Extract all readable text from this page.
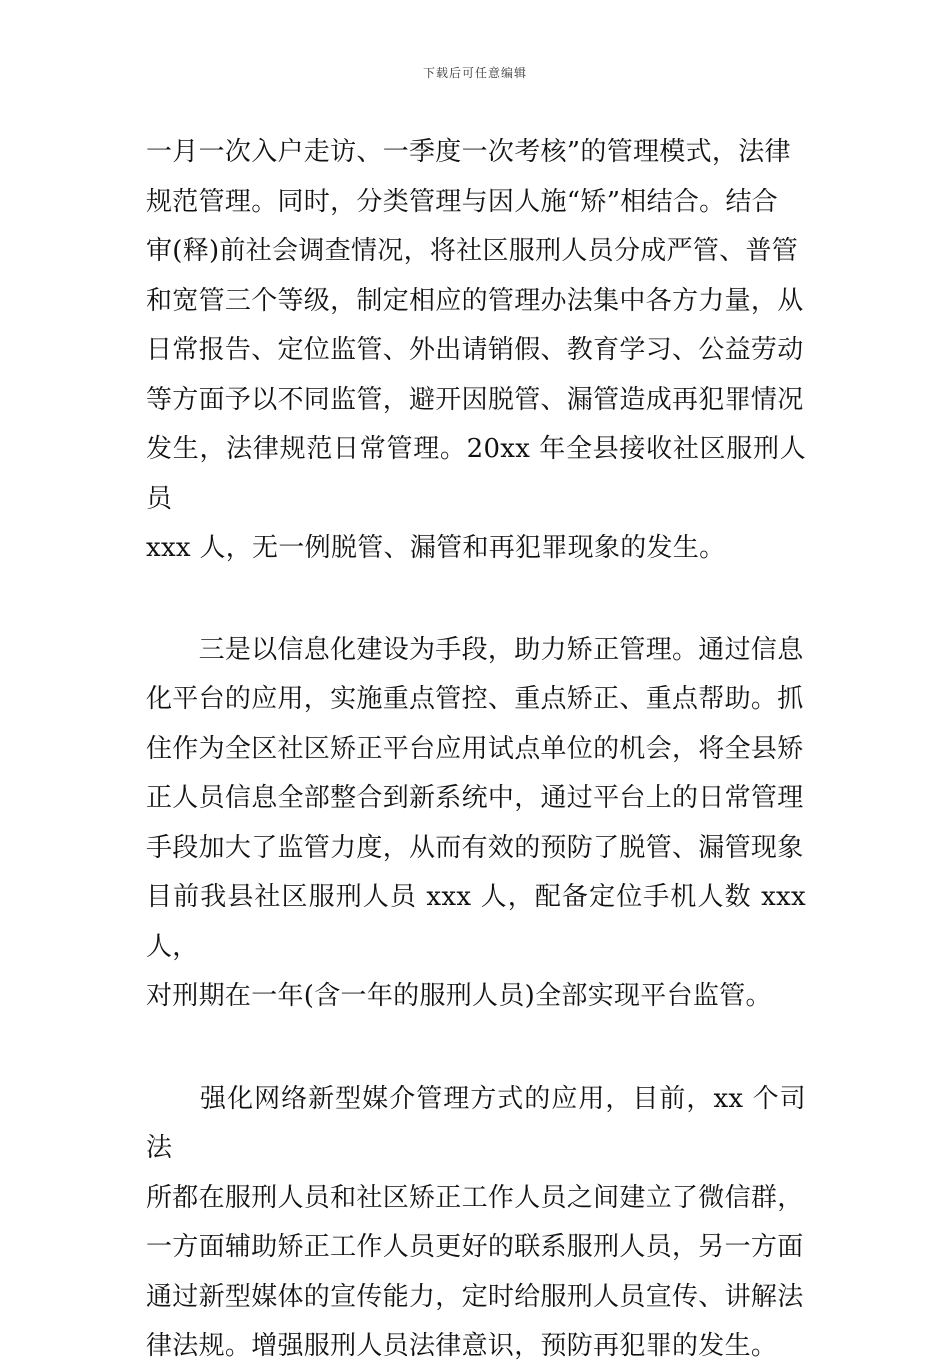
下载后可任意编辑

一月一次入户走访、一季度一次考核”的管理模式，法律
规范管理。同时，分类管理与因人施“矫”相结合。结合
审(释)前社会调查情况，将社区服刑人员分成严管、普管
和宽管三个等级，制定相应的管理办法集中各方力量，从
日常报告、定位监管、外出请销假、教育学习、公益劳动
等方面予以不同监管，避开因脱管、漏管造成再犯罪情况
发生，法律规范日常管理。20xx 年全县接收社区服刑人员
xxx 人，无一例脱管、漏管和再犯罪现象的发生。

　　三是以信息化建设为手段，助力矫正管理。通过信息
化平台的应用，实施重点管控、重点矫正、重点帮助。抓
住作为全区社区矫正平台应用试点单位的机会，将全县矫
正人员信息全部整合到新系统中，通过平台上的日常管理
手段加大了监管力度，从而有效的预防了脱管、漏管现象
目前我县社区服刑人员 xxx 人，配备定位手机人数 xxx 人，
对刑期在一年(含一年的服刑人员)全部实现平台监管。

　　强化网络新型媒介管理方式的应用，目前，xx 个司法
所都在服刑人员和社区矫正工作人员之间建立了微信群，
一方面辅助矫正工作人员更好的联系服刑人员，另一方面
通过新型媒体的宣传能力，定时给服刑人员宣传、讲解法
律法规。增强服刑人员法律意识，预防再犯罪的发生。
